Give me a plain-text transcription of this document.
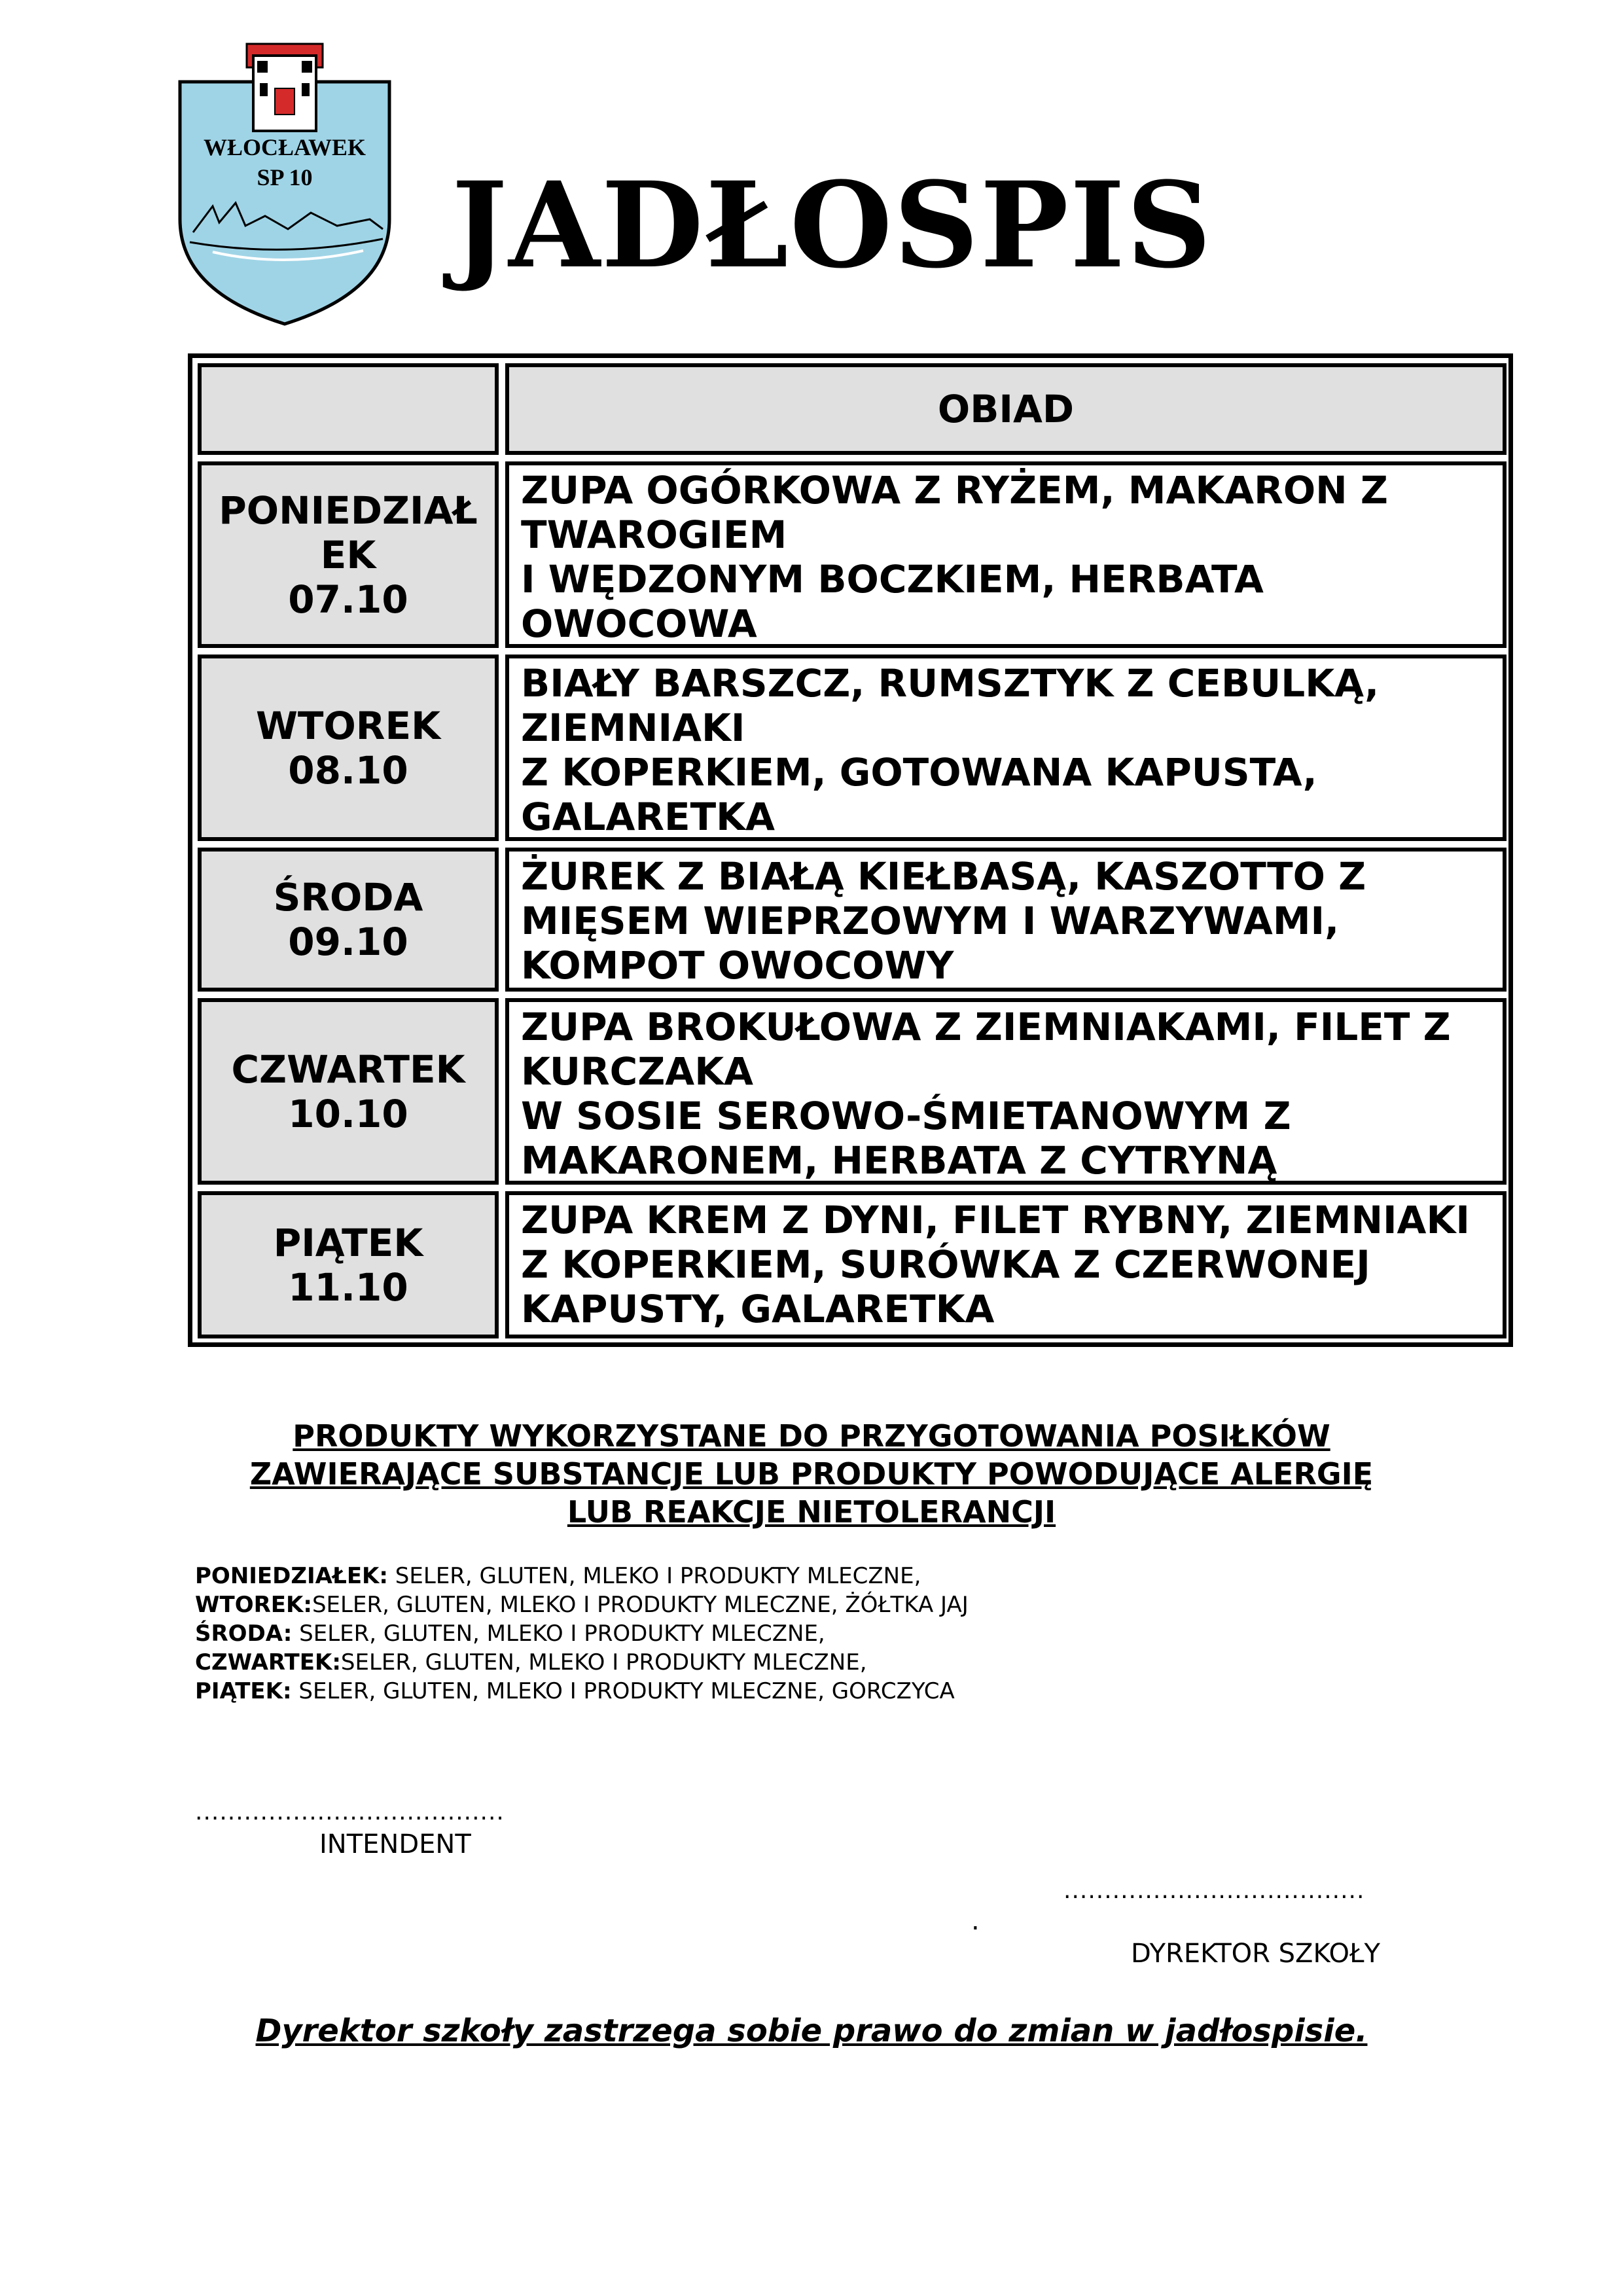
WŁOCŁAWEK
SP 10 JADŁOSPIS
OBIAD
PONIEDZIAŁEK
07.10
ZUPA OGÓRKOWA Z RYŻEM, MAKARON Z
TWAROGIEM
I WĘDZONYM BOCZKIEM, HERBATA
OWOCOWA
WTOREK
08.10
BIAŁY BARSZCZ, RUMSZTYK Z CEBULKĄ,
ZIEMNIAKI
Z KOPERKIEM, GOTOWANA KAPUSTA,
GALARETKA
ŚRODA
09.10
ŻUREK Z BIAŁĄ KIEŁBASĄ, KASZOTTO Z
MIĘSEM WIEPRZOWYM I WARZYWAMI,
KOMPOT OWOCOWY
CZWARTEK
10.10
ZUPA BROKUŁOWA Z ZIEMNIAKAMI, FILET Z
KURCZAKA
W SOSIE SEROWO-ŚMIETANOWYM Z
MAKARONEM, HERBATA Z CYTRYNĄ
PIĄTEK
11.10
ZUPA KREM Z DYNI, FILET RYBNY, ZIEMNIAKI
Z KOPERKIEM, SURÓWKA Z CZERWONEJ
KAPUSTY, GALARETKA
PRODUKTY WYKORZYSTANE DO PRZYGOTOWANIA POSIŁKÓW
ZAWIERAJĄCE SUBSTANCJE LUB PRODUKTY POWODUJĄCE ALERGIĘ
LUB REAKCJE NIETOLERANCJI
PONIEDZIAŁEK: SELER, GLUTEN, MLEKO I PRODUKTY MLECZNE,
WTOREK:SELER, GLUTEN, MLEKO I PRODUKTY MLECZNE, ŻÓŁTKA JAJ
ŚRODA: SELER, GLUTEN, MLEKO I PRODUKTY MLECZNE,
CZWARTEK:SELER, GLUTEN, MLEKO I PRODUKTY MLECZNE,
PIĄTEK: SELER, GLUTEN, MLEKO I PRODUKTY MLECZNE, GORCZYCA
......................................
INTENDENT
.....................................
.
DYREKTOR SZKOŁY
Dyrektor szkoły zastrzega sobie prawo do zmian w jadłospisie.
